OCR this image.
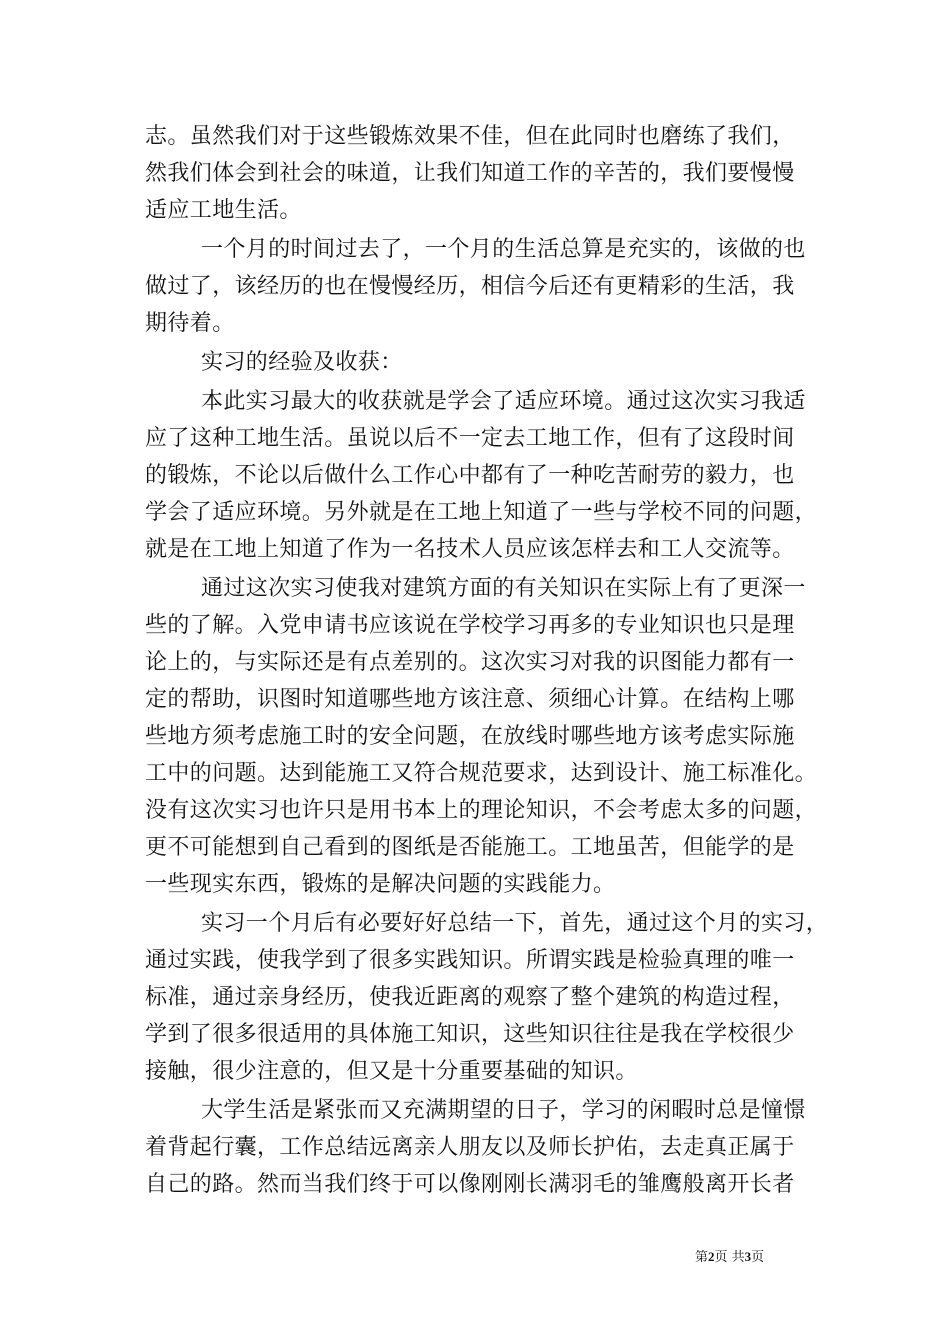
志。虽然我们对于这些锻炼效果不佳，但在此同时也磨练了我们，
然我们体会到社会的味道，让我们知道工作的辛苦的，我们要慢慢
适应工地生活。
一个月的时间过去了，一个月的生活总算是充实的，该做的也
做过了，该经历的也在慢慢经历，相信今后还有更精彩的生活，我
期待着。
实习的经验及收获：
本此实习最大的收获就是学会了适应环境。通过这次实习我适
应了这种工地生活。虽说以后不一定去工地工作，但有了这段时间
的锻炼，不论以后做什么工作心中都有了一种吃苦耐劳的毅力，也
学会了适应环境。另外就是在工地上知道了一些与学校不同的问题，
就是在工地上知道了作为一名技术人员应该怎样去和工人交流等。
通过这次实习使我对建筑方面的有关知识在实际上有了更深一
些的了解。入党申请书应该说在学校学习再多的专业知识也只是理
论上的，与实际还是有点差别的。这次实习对我的识图能力都有一
定的帮助，识图时知道哪些地方该注意、须细心计算。在结构上哪
些地方须考虑施工时的安全问题，在放线时哪些地方该考虑实际施
工中的问题。达到能施工又符合规范要求，达到设计、施工标准化。
没有这次实习也许只是用书本上的理论知识，不会考虑太多的问题，
更不可能想到自己看到的图纸是否能施工。工地虽苦，但能学的是
一些现实东西，锻炼的是解决问题的实践能力。
实习一个月后有必要好好总结一下，首先，通过这个月的实习，
通过实践，使我学到了很多实践知识。所谓实践是检验真理的唯一
标准，通过亲身经历，使我近距离的观察了整个建筑的构造过程，
学到了很多很适用的具体施工知识，这些知识往往是我在学校很少
接触，很少注意的，但又是十分重要基础的知识。
大学生活是紧张而又充满期望的日子，学习的闲暇时总是憧憬
着背起行囊，工作总结远离亲人朋友以及师长护佑，去走真正属于
自己的路。然而当我们终于可以像刚刚长满羽毛的雏鹰般离开长者
第2页 共3页
